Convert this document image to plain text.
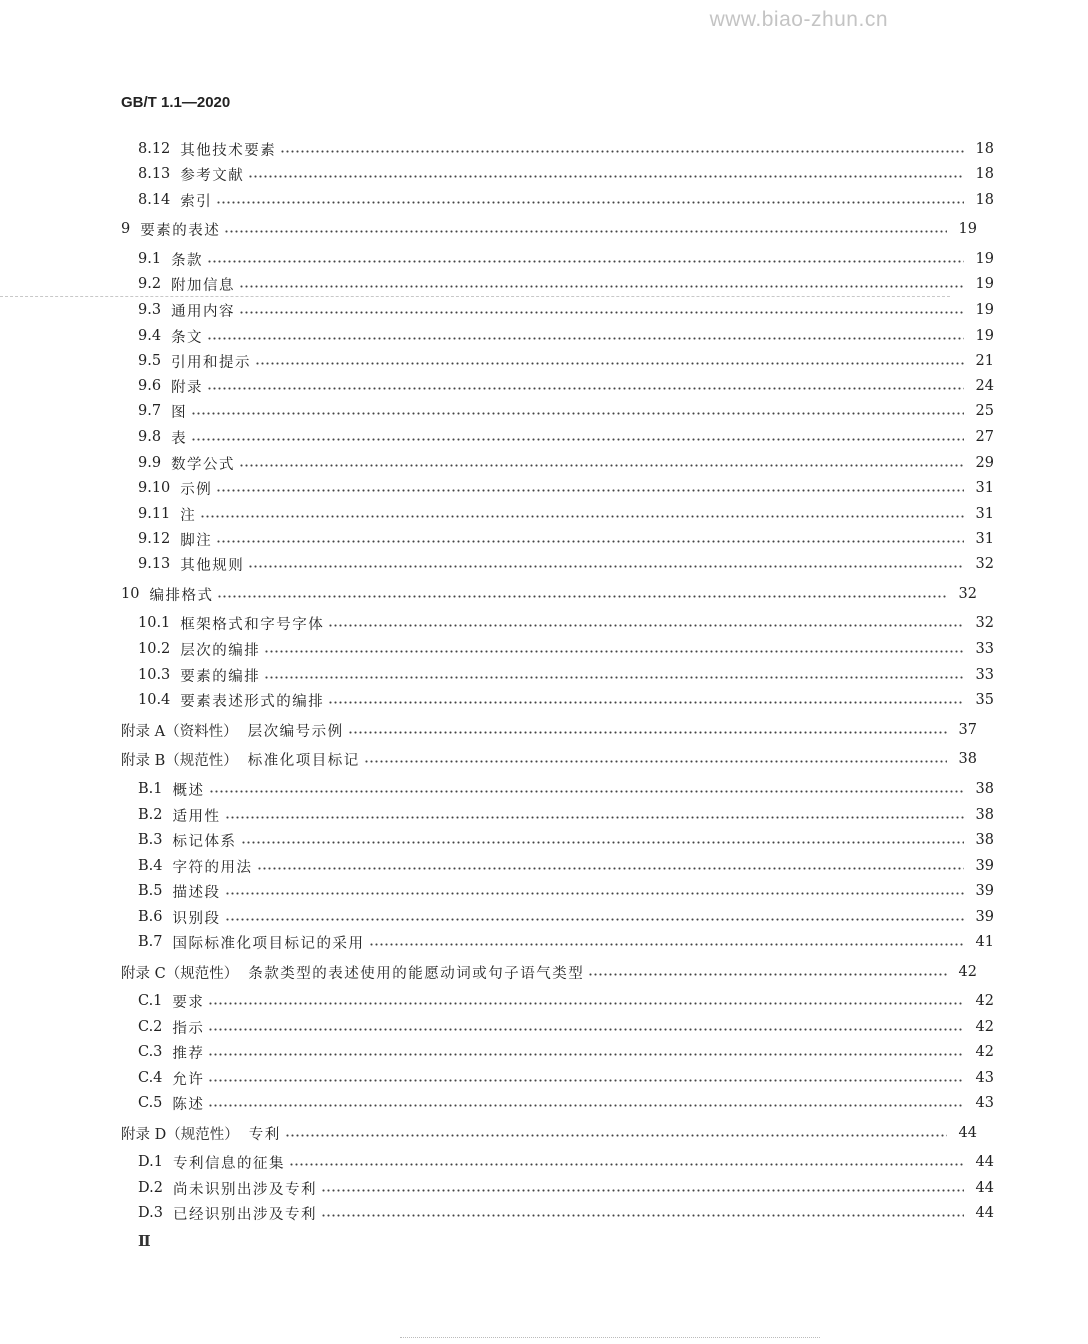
www.biao-zhun.cn
GB/T 1.1—2020
8.12 其他技术要素	18
8.13 参考文献	18
8.14 索引	18
9 要素的表述	19
9.1 条款	19
9.2 附加信息	19
9.3 通用内容	19
9.4 条文	19
9.5 引用和提示	21
9.6 附录	24
9.7 图	25
9.8 表	27
9.9 数学公式	29
9.10 示例	31
9.11 注	31
9.12 脚注	31
9.13 其他规则	32
10 编排格式	32
10.1 框架格式和字号字体	32
10.2 层次的编排	33
10.3 要素的编排	33
10.4 要素表述形式的编排	35
附录 A（资料性） 层次编号示例	37
附录 B（规范性） 标准化项目标记	38
B.1 概述	38
B.2 适用性	38
B.3 标记体系	38
B.4 字符的用法	39
B.5 描述段	39
B.6 识别段	39
B.7 国际标准化项目标记的采用	41
附录 C（规范性） 条款类型的表述使用的能愿动词或句子语气类型	42
C.1 要求	42
C.2 指示	42
C.3 推荐	42
C.4 允许	43
C.5 陈述	43
附录 D（规范性） 专利	44
D.1 专利信息的征集	44
D.2 尚未识别出涉及专利	44
D.3 已经识别出涉及专利	44
Ⅱ
